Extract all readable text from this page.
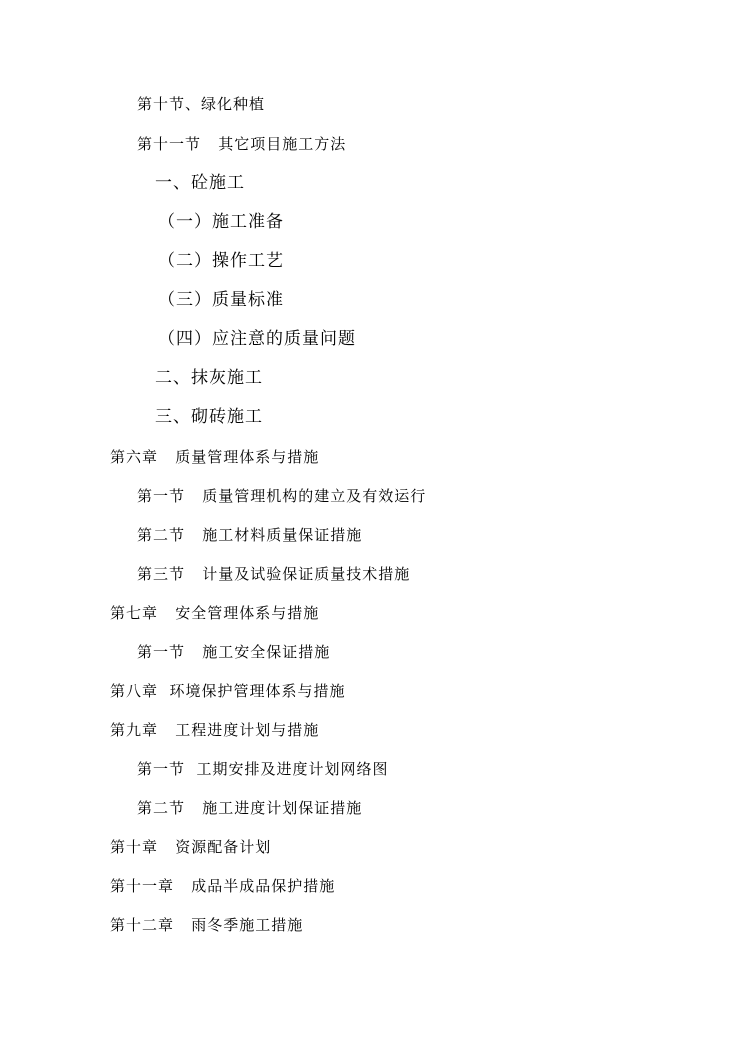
第十节、绿化种植
第十一节   其它项目施工方法
一、砼施工
（一）施工准备
（二）操作工艺
（三）质量标准
（四）应注意的质量问题
二、抹灰施工
三、砌砖施工
第六章   质量管理体系与措施
第一节   质量管理机构的建立及有效运行
第二节   施工材料质量保证措施
第三节   计量及试验保证质量技术措施
第七章   安全管理体系与措施
第一节   施工安全保证措施
第八章  环境保护管理体系与措施
第九章   工程进度计划与措施
第一节  工期安排及进度计划网络图
第二节   施工进度计划保证措施
第十章   资源配备计划
第十一章   成品半成品保护措施
第十二章   雨冬季施工措施
